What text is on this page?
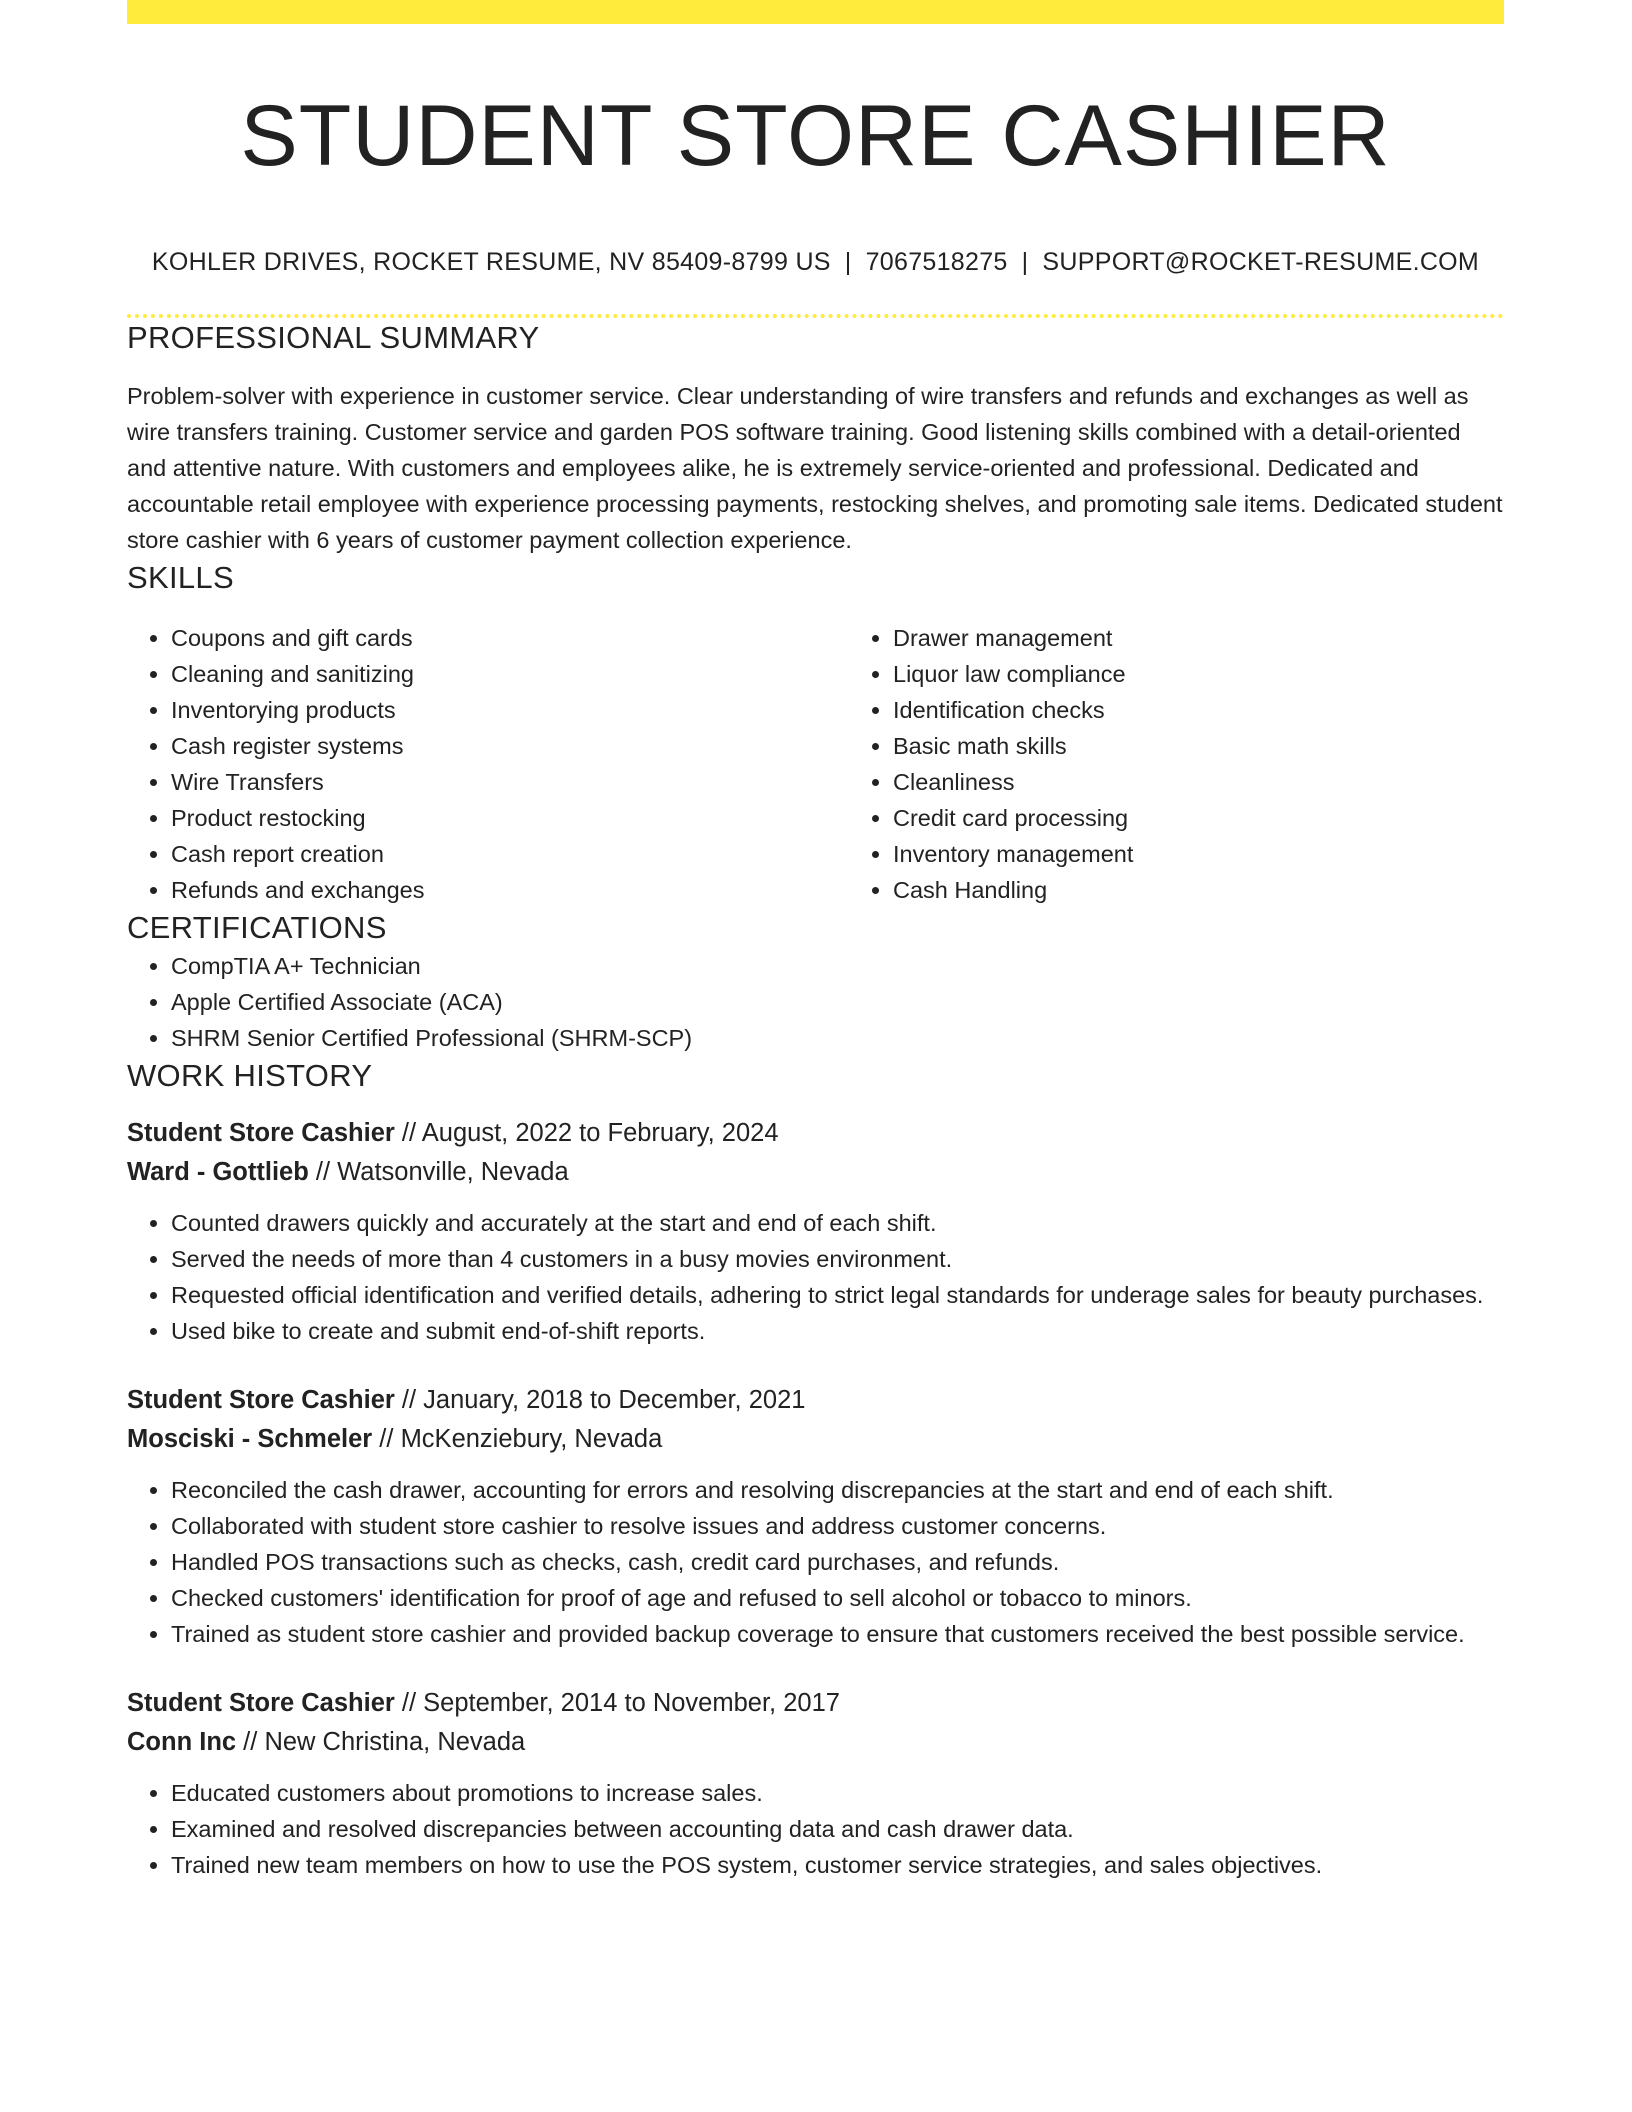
STUDENT STORE CASHIER
KOHLER DRIVES, ROCKET RESUME, NV 85409-8799 US | 7067518275 | SUPPORT@ROCKET-RESUME.COM
PROFESSIONAL SUMMARY

Problem-solver with experience in customer service. Clear understanding of wire transfers and refunds and exchanges as well as wire transfers training. Customer service and garden POS software training. Good listening skills combined with a detail-oriented and attentive nature. With customers and employees alike, he is extremely service-oriented and professional. Dedicated and accountable retail employee with experience processing payments, restocking shelves, and promoting sale items. Dedicated student store cashier with 6 years of customer payment collection experience.

SKILLS
• Coupons and gift cards
• Cleaning and sanitizing
• Inventorying products
• Cash register systems
• Wire Transfers
• Product restocking
• Cash report creation
• Refunds and exchanges
• Drawer management
• Liquor law compliance
• Identification checks
• Basic math skills
• Cleanliness
• Credit card processing
• Inventory management
• Cash Handling
CERTIFICATIONS
• CompTIA A+ Technician
• Apple Certified Associate (ACA)
• SHRM Senior Certified Professional (SHRM-SCP)
WORK HISTORY
Student Store Cashier // August, 2022 to February, 2024
Ward - Gottlieb // Watsonville, Nevada
• Counted drawers quickly and accurately at the start and end of each shift.
• Served the needs of more than 4 customers in a busy movies environment.
• Requested official identification and verified details, adhering to strict legal standards for underage sales for beauty purchases.
• Used bike to create and submit end-of-shift reports.
Student Store Cashier // January, 2018 to December, 2021
Mosciski - Schmeler // McKenziebury, Nevada
• Reconciled the cash drawer, accounting for errors and resolving discrepancies at the start and end of each shift.
• Collaborated with student store cashier to resolve issues and address customer concerns.
• Handled POS transactions such as checks, cash, credit card purchases, and refunds.
• Checked customers' identification for proof of age and refused to sell alcohol or tobacco to minors.
• Trained as student store cashier and provided backup coverage to ensure that customers received the best possible service.
Student Store Cashier // September, 2014 to November, 2017
Conn Inc // New Christina, Nevada
• Educated customers about promotions to increase sales.
• Examined and resolved discrepancies between accounting data and cash drawer data.
• Trained new team members on how to use the POS system, customer service strategies, and sales objectives.
